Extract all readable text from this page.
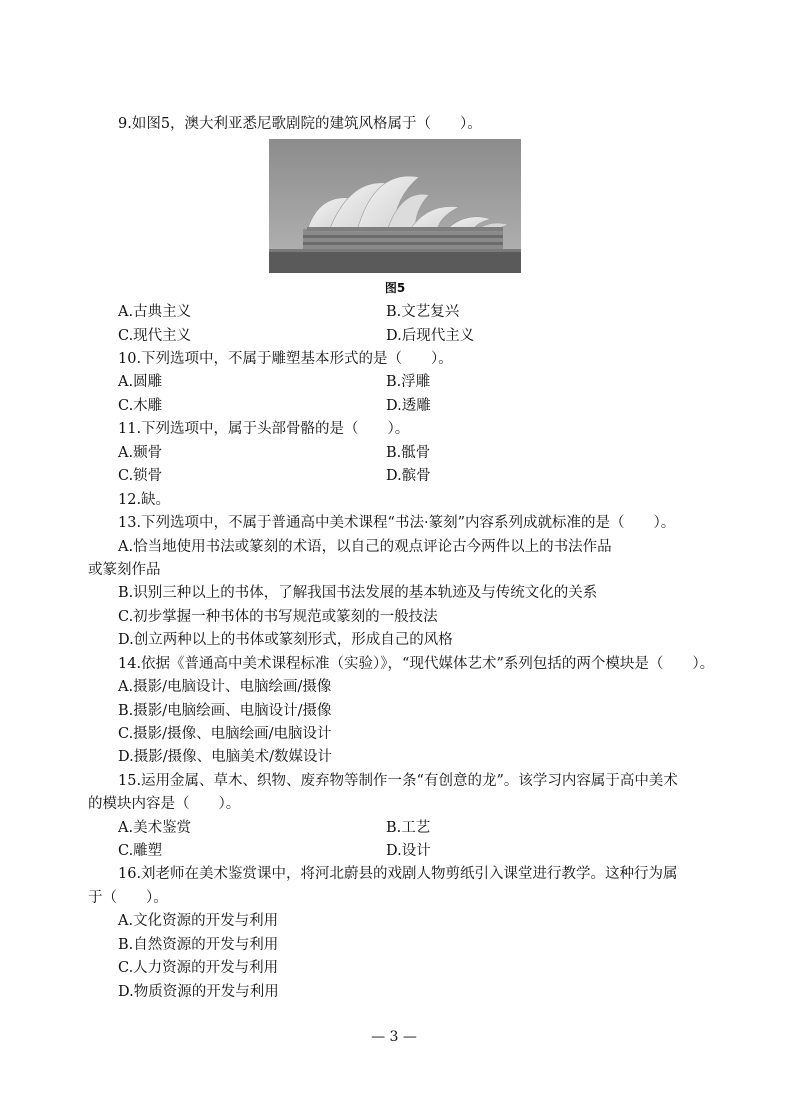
9.如图5，澳大利亚悉尼歌剧院的建筑风格属于（　　）。
图5
A.古典主义	B.文艺复兴
C.现代主义	D.后现代主义
10.下列选项中，不属于雕塑基本形式的是（　　）。
A.圆雕	B.浮雕
C.木雕	D.透雕
11.下列选项中，属于头部骨骼的是（　　）。
A.颞骨	B.骶骨
C.锁骨	D.髌骨
12.缺。
13.下列选项中，不属于普通高中美术课程“书法·篆刻”内容系列成就标准的是（　　）。
A.恰当地使用书法或篆刻的术语，以自己的观点评论古今两件以上的书法作品
或篆刻作品
B.识别三种以上的书体，了解我国书法发展的基本轨迹及与传统文化的关系
C.初步掌握一种书体的书写规范或篆刻的一般技法
D.创立两种以上的书体或篆刻形式，形成自己的风格
14.依据《普通高中美术课程标准（实验）》，“现代媒体艺术”系列包括的两个模块是（　　）。
A.摄影/电脑设计、电脑绘画/摄像
B.摄影/电脑绘画、电脑设计/摄像
C.摄影/摄像、电脑绘画/电脑设计
D.摄影/摄像、电脑美术/数媒设计
15.运用金属、草木、织物、废弃物等制作一条“有创意的龙”。该学习内容属于高中美术
的模块内容是（　　）。
A.美术鉴赏	B.工艺
C.雕塑	D.设计
16.刘老师在美术鉴赏课中，将河北蔚县的戏剧人物剪纸引入课堂进行教学。这种行为属
于（　　）。
A.文化资源的开发与利用
B.自然资源的开发与利用
C.人力资源的开发与利用
D.物质资源的开发与利用
— 3 —
